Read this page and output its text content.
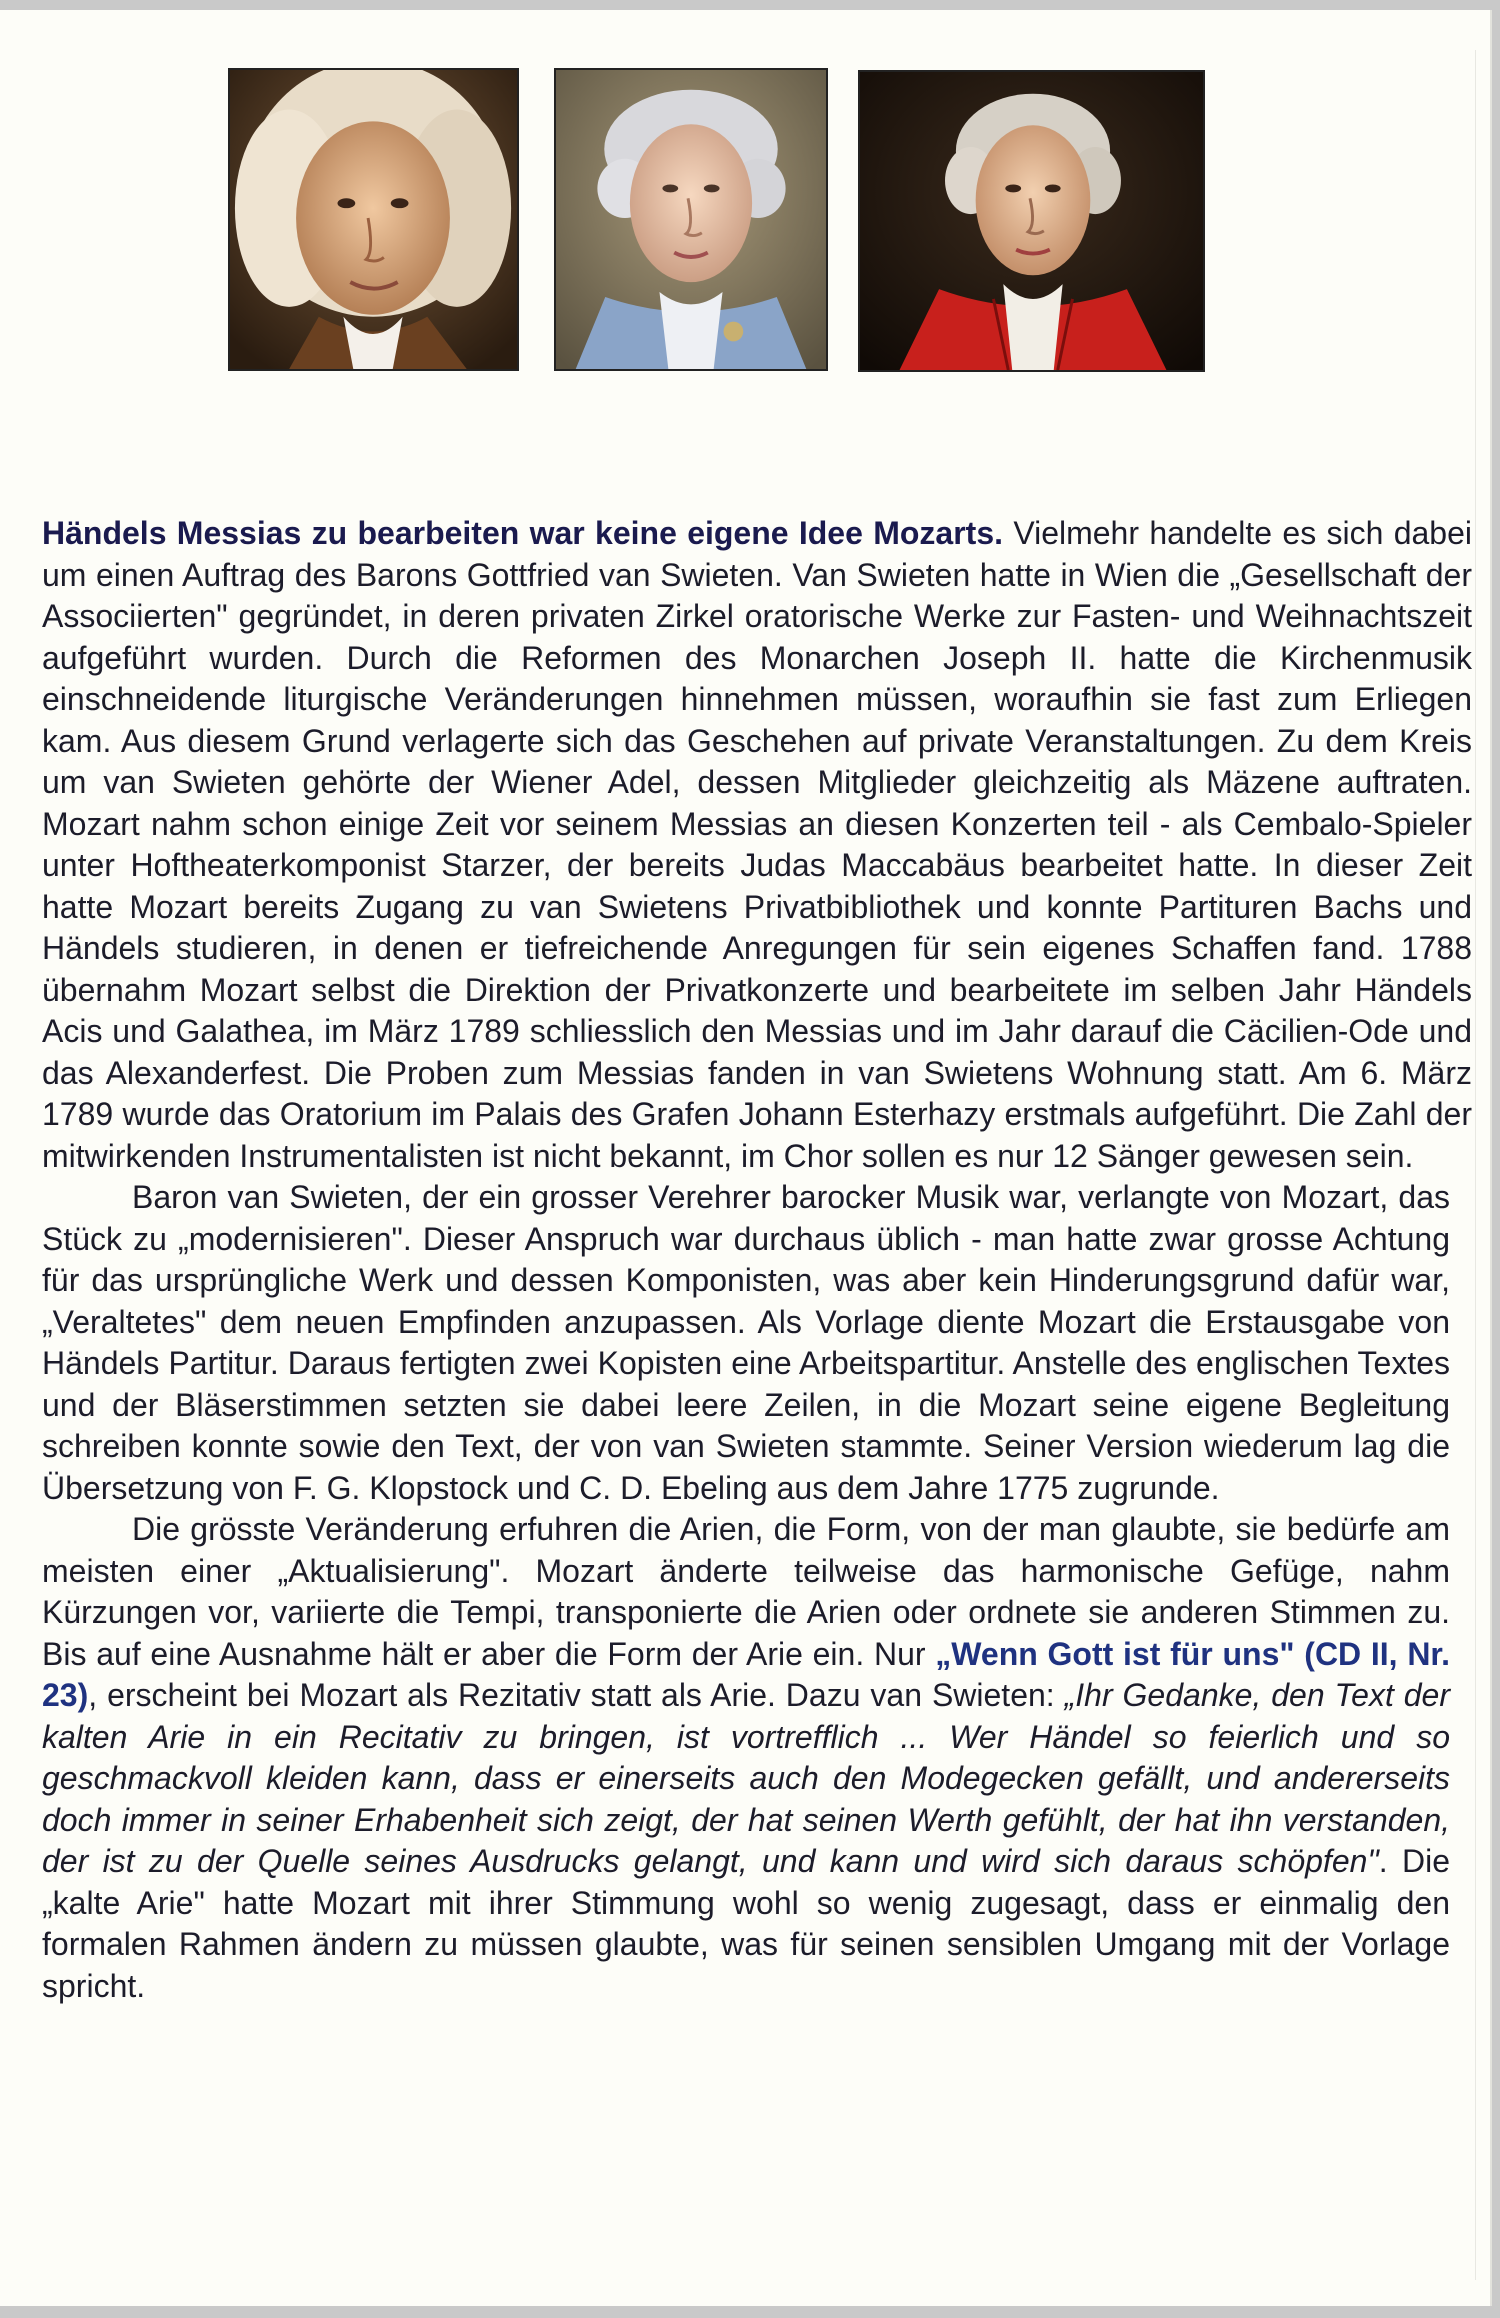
Händels Messias zu bearbeiten war keine eigene Idee Mozarts. Vielmehr handelte es sich dabei um einen Auftrag des Barons Gottfried van Swieten. Van Swieten hatte in Wien die „Gesellschaft der Associierten" gegründet, in deren privaten Zirkel oratorische Werke zur Fasten- und Weihnachtszeit aufgeführt wurden. Durch die Reformen des Monarchen Joseph II. hatte die Kirchenmusik einschneidende liturgische Veränderungen hinnehmen müssen, woraufhin sie fast zum Erliegen kam. Aus diesem Grund verlagerte sich das Geschehen auf private Veranstaltungen. Zu dem Kreis um van Swieten gehörte der Wiener Adel, dessen Mitglieder gleichzeitig als Mäzene auftraten. Mozart nahm schon einige Zeit vor seinem Messias an diesen Konzerten teil - als Cembalo-Spieler unter Hoftheaterkomponist Starzer, der bereits Judas Maccabäus bearbeitet hatte. In dieser Zeit hatte Mozart bereits Zugang zu van Swietens Privatbibliothek und konnte Partituren Bachs und Händels studieren, in denen er tiefreichende Anregungen für sein eigenes Schaffen fand. 1788 übernahm Mozart selbst die Direktion der Privatkonzerte und bearbeitete im selben Jahr Händels Acis und Galathea, im März 1789 schliesslich den Messias und im Jahr darauf die Cäcilien-Ode und das Alexanderfest. Die Proben zum Messias fanden in van Swietens Wohnung statt. Am 6. März 1789 wurde das Oratorium im Palais des Grafen Johann Esterhazy erstmals aufgeführt. Die Zahl der mitwirkenden Instrumentalisten ist nicht bekannt, im Chor sollen es nur 12 Sänger gewesen sein.

Baron van Swieten, der ein grosser Verehrer barocker Musik war, verlangte von Mozart, das Stück zu „modernisieren". Dieser Anspruch war durchaus üblich - man hatte zwar grosse Achtung für das ursprüngliche Werk und dessen Komponisten, was aber kein Hinderungsgrund dafür war, „Veraltetes" dem neuen Empfinden anzupassen. Als Vorlage diente Mozart die Erstausgabe von Händels Partitur. Daraus fertigten zwei Kopisten eine Arbeitspartitur. Anstelle des englischen Textes und der Bläserstimmen setzten sie dabei leere Zeilen, in die Mozart seine eigene Begleitung schreiben konnte sowie den Text, der von van Swieten stammte. Seiner Version wiederum lag die Übersetzung von F. G. Klopstock und C. D. Ebeling aus dem Jahre 1775 zugrunde.

Die grösste Veränderung erfuhren die Arien, die Form, von der man glaubte, sie bedürfe am meisten einer „Aktualisierung". Mozart änderte teilweise das harmonische Gefüge, nahm Kürzungen vor, variierte die Tempi, transponierte die Arien oder ordnete sie anderen Stimmen zu. Bis auf eine Ausnahme hält er aber die Form der Arie ein. Nur „Wenn Gott ist für uns" (CD II, Nr. 23), erscheint bei Mozart als Rezitativ statt als Arie. Dazu van Swieten: „Ihr Gedanke, den Text der kalten Arie in ein Recitativ zu bringen, ist vortrefflich ... Wer Händel so feierlich und so geschmackvoll kleiden kann, dass er einerseits auch den Modegecken gefällt, und andererseits doch immer in seiner Erhabenheit sich zeigt, der hat seinen Werth gefühlt, der hat ihn verstanden, der ist zu der Quelle seines Ausdrucks gelangt, und kann und wird sich daraus schöpfen". Die „kalte Arie" hatte Mozart mit ihrer Stimmung wohl so wenig zugesagt, dass er einmalig den formalen Rahmen ändern zu müssen glaubte, was für seinen sensiblen Umgang mit der Vorlage spricht.
